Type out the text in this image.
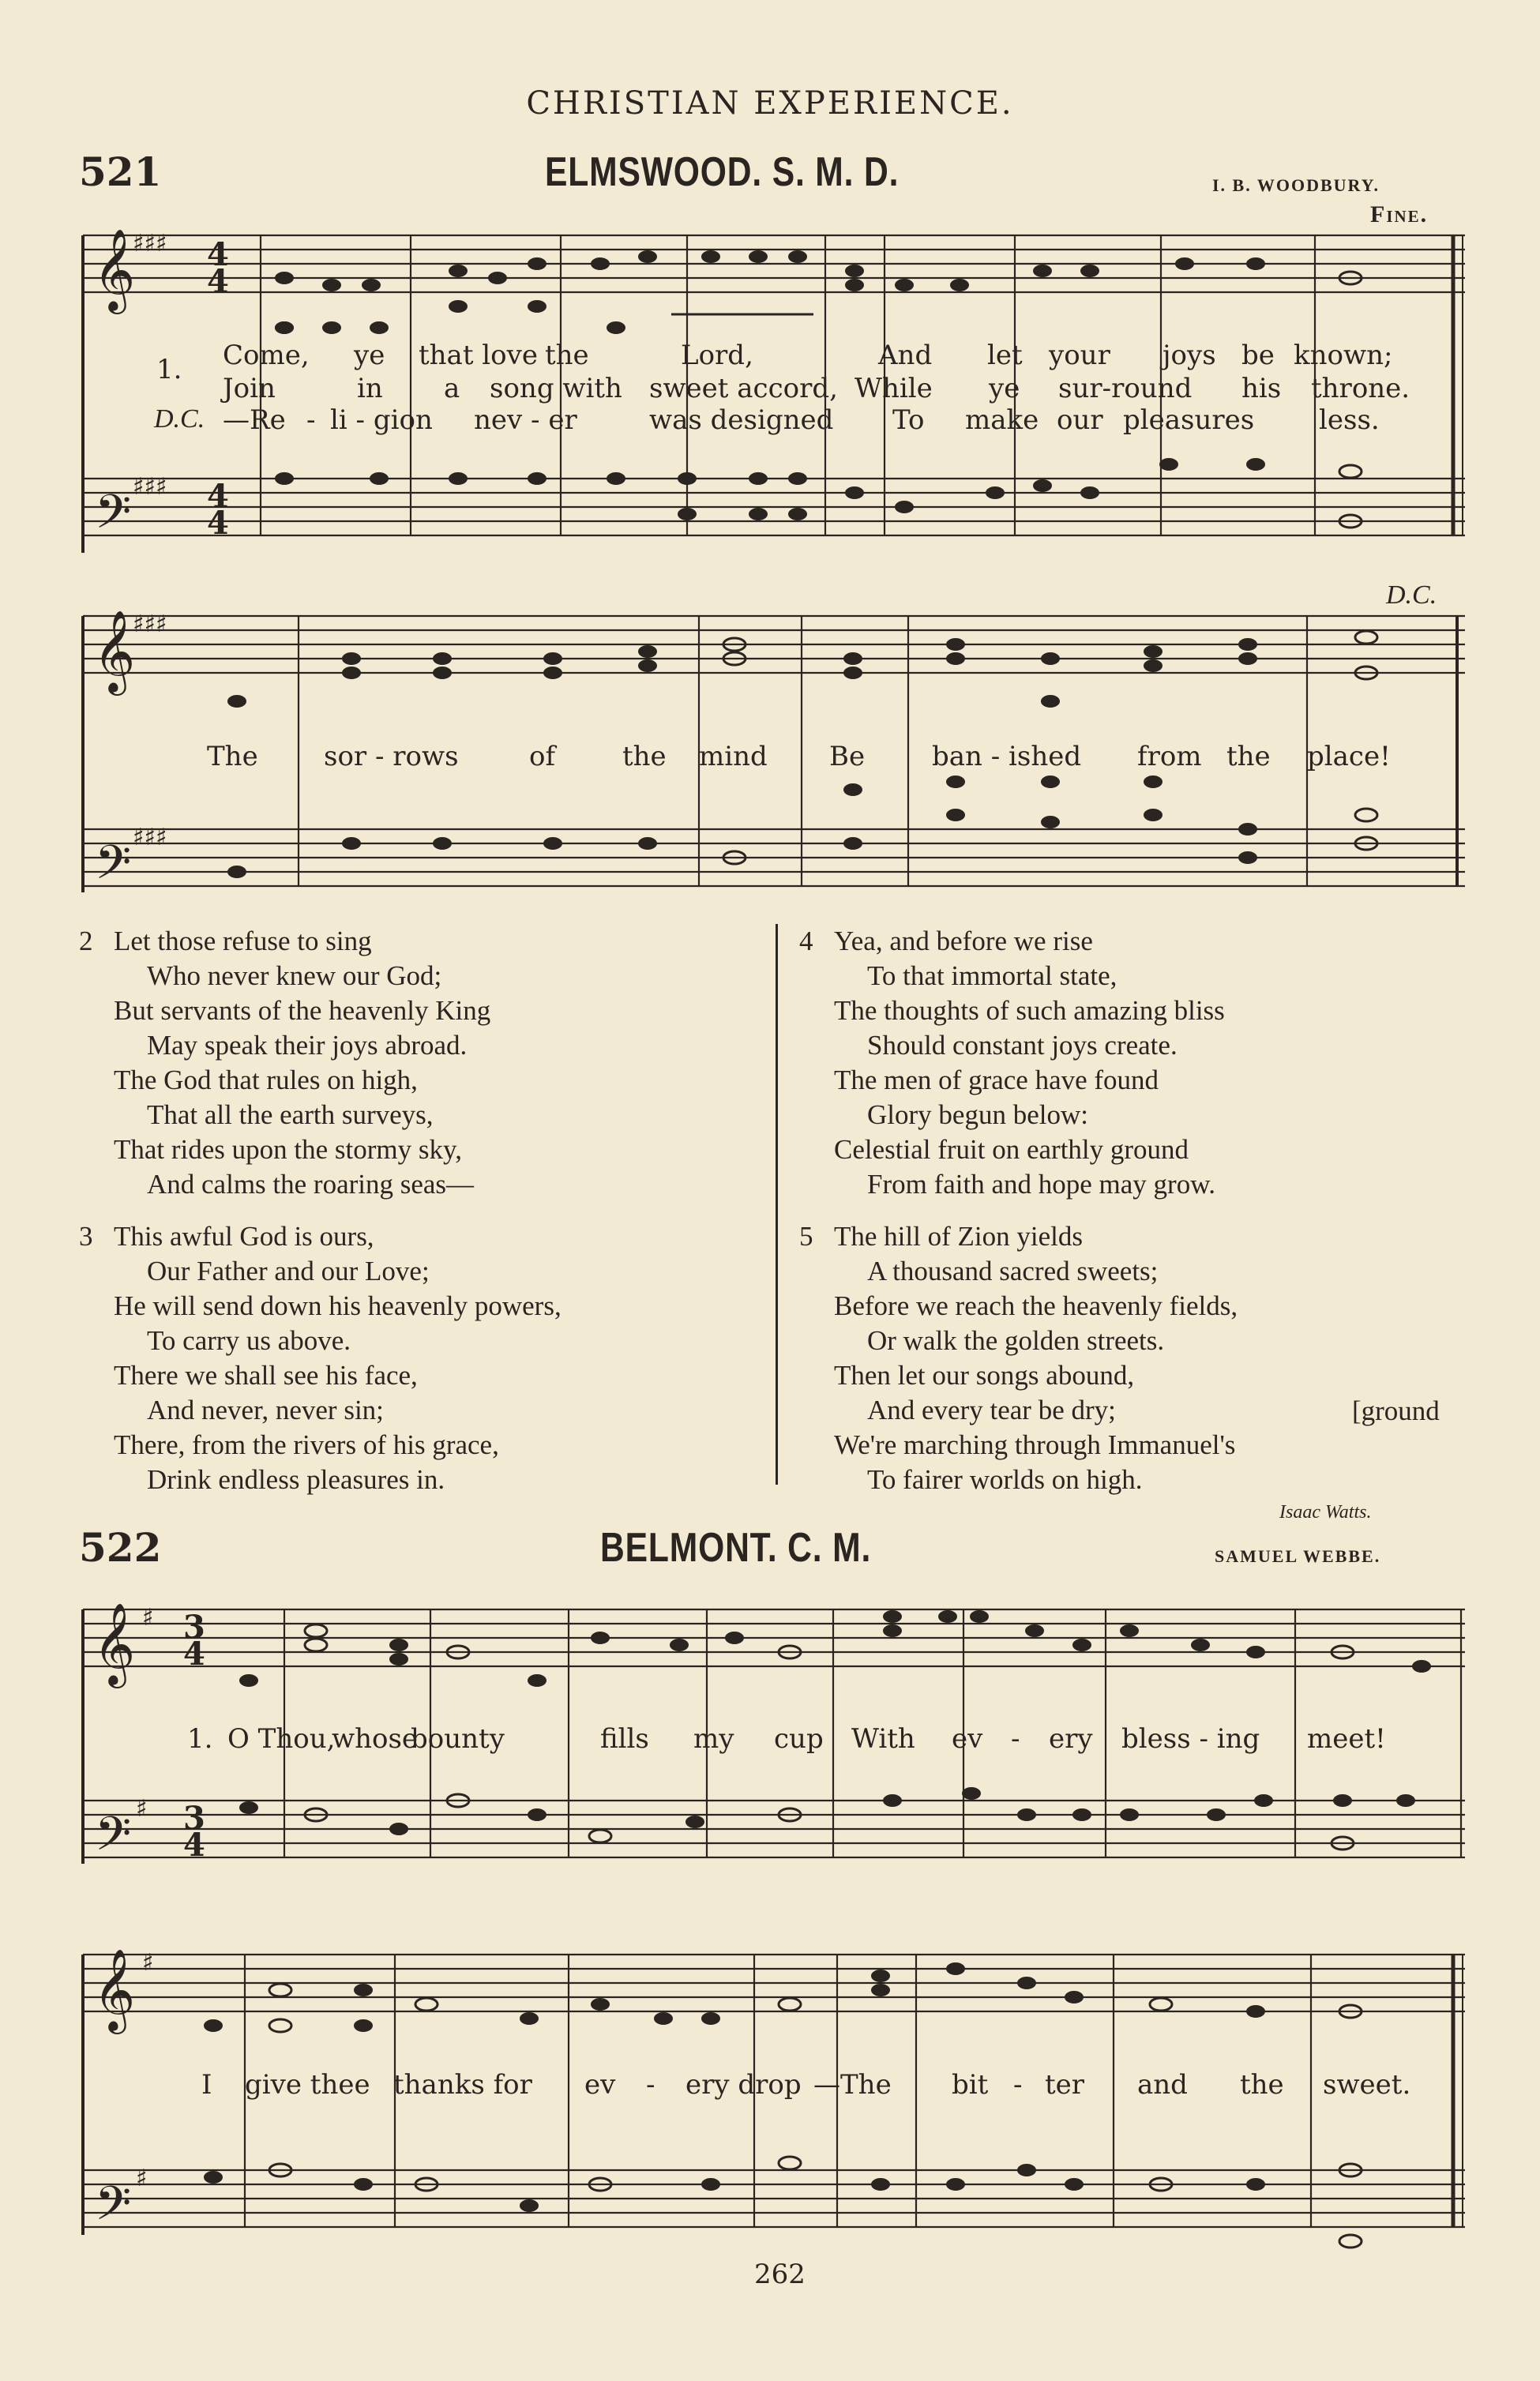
CHRISTIAN EXPERIENCE.
521	ELMSWOOD. S. M. D.	I. B. WOODBURY.
Fine.
𝄞
𝄢
♯♯♯
♯♯♯
4
4
4
4
1. Come, ye that love the	Lord,	And let your joys be known;
Join	in a song with sweet accord, While ye sur-round his throne.
D.C. —Re - li - gion nev - er	was designed To make our pleasures less.
𝄞
𝄢
♯♯♯
♯♯♯
D.C.
The sor - rows	of the mind Be ban - ished from the place!
2 Let those refuse to sing
Who never knew our God;
But servants of the heavenly King
May speak their joys abroad.
The God that rules on high,
That all the earth surveys,
That rides upon the stormy sky,
And calms the roaring seas—
3 This awful God is ours,
Our Father and our Love;
He will send down his heavenly powers,
To carry us above.
There we shall see his face,
And never, never sin;
There, from the rivers of his grace,
Drink endless pleasures in.
4 Yea, and before we rise
To that immortal state,
The thoughts of such amazing bliss
Should constant joys create.
The men of grace have found
Glory begun below:
Celestial fruit on earthly ground
From faith and hope may grow.
5 The hill of Zion yields
A thousand sacred sweets;
Before we reach the heavenly fields,
Or walk the golden streets.
Then let our songs abound,
And every tear be dry;
We're marching through Immanuel's
To fairer worlds on high.
[ground
Isaac Watts.
522	BELMONT. C. M.	SAMUEL WEBBE.
𝄞
𝄢
♯
♯
3
4
3
4
1. O Thou,
whose
bounty	fills my cup With ev - ery bless - ing meet!
𝄞
𝄢
♯
♯
I give thee thanks for ev - ery drop —The bit - ter and the sweet.
262
